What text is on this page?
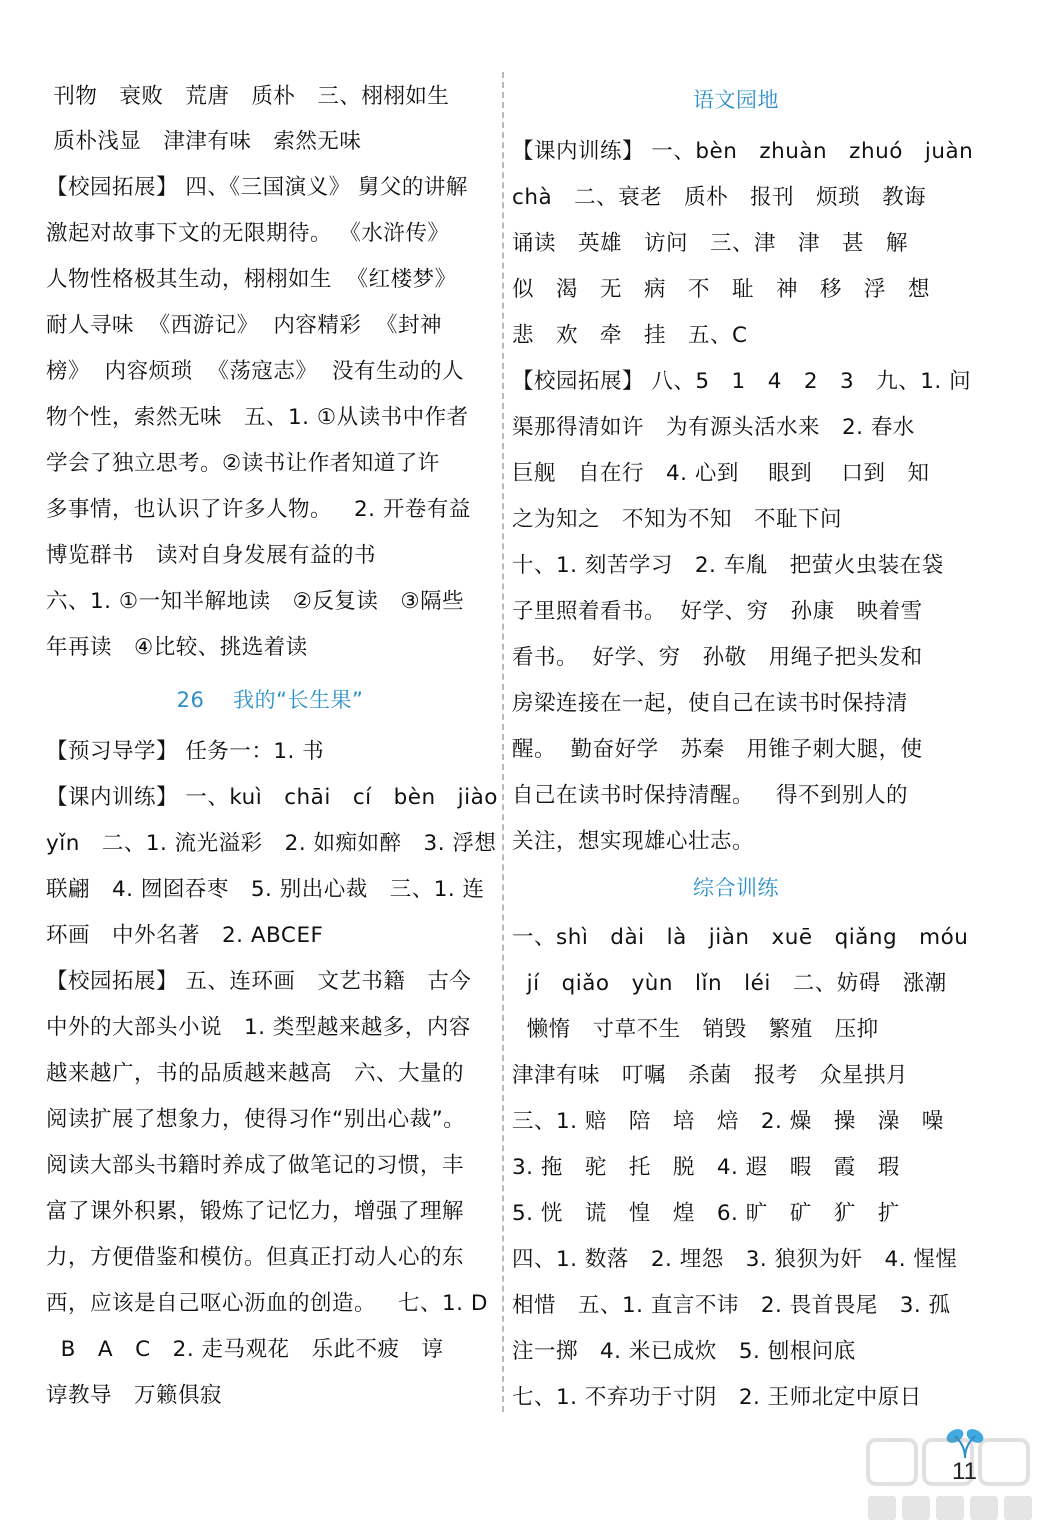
刊物   衰败   荒唐   质朴   三、栩栩如生
质朴浅显   津津有味   索然无味
【校园拓展】 四、《三国演义》 舅父的讲解
激起对故事下文的无限期待。 《水浒传》
人物性格极其生动，栩栩如生  《红楼梦》
耐人寻味  《西游记》  内容精彩  《封神
榜》  内容烦琐  《荡寇志》  没有生动的人
物个性，索然无味   五、1. ①从读书中作者
学会了独立思考。②读书让作者知道了许
多事情，也认识了许多人物。   2. 开卷有益
博览群书   读对自身发展有益的书
六、1. ①一知半解地读   ②反复读   ③隔些
年再读   ④比较、挑选着读
26    我的“长生果”
【预习导学】 任务一：1. 书
【课内训练】 一、kuì   chāi   cí   bèn   jiào
yǐn   二、1. 流光溢彩   2. 如痴如醉   3. 浮想
联翩   4. 囫囵吞枣   5. 别出心裁   三、1. 连
环画   中外名著   2. ABCEF
【校园拓展】 五、连环画   文艺书籍   古今
中外的大部头小说   1. 类型越来越多，内容
越来越广，书的品质越来越高   六、大量的
阅读扩展了想象力，使得习作“别出心裁”。
阅读大部头书籍时养成了做笔记的习惯，丰
富了课外积累，锻炼了记忆力，增强了理解
力，方便借鉴和模仿。但真正打动人心的东
西，应该是自己呕心沥血的创造。   七、1. D
B   A   C   2. 走马观花   乐此不疲   谆
谆教导   万籁俱寂
语文园地
【课内训练】 一、bèn   zhuàn   zhuó   juàn
chà   二、衰老   质朴   报刊   烦琐   教诲
诵读   英雄   访问   三、津   津   甚   解
似   渴   无   病   不   耻   神   移   浮   想
悲   欢   牵   挂   五、C
【校园拓展】 八、5   1   4   2   3   九、1. 问
渠那得清如许   为有源头活水来   2. 春水
巨舰   自在行   4. 心到    眼到    口到   知
之为知之   不知为不知   不耻下问
十、1. 刻苦学习   2. 车胤   把萤火虫装在袋
子里照着看书。  好学、穷   孙康   映着雪
看书。  好学、穷   孙敬   用绳子把头发和
房梁连接在一起，使自己在读书时保持清
醒。  勤奋好学   苏秦   用锥子刺大腿，使
自己在读书时保持清醒。   得不到别人的
关注，想实现雄心壮志。
综合训练
一、shì   dài   là   jiàn   xuē   qiǎng   móu
jí   qiǎo   yùn   lǐn   léi   二、妨碍   涨潮
懒惰   寸草不生   销毁   繁殖   压抑
津津有味   叮嘱   杀菌   报考   众星拱月
三、1. 赔   陪   培   焙   2. 燥   操   澡   噪
3. 拖   驼   托   脱   4. 遐   暇   霞   瑕
5. 恍   谎   惶   煌   6. 旷   矿   犷   扩
四、1. 数落   2. 埋怨   3. 狼狈为奸   4. 惺惺
相惜   五、1. 直言不讳   2. 畏首畏尾   3. 孤
注一掷   4. 米已成炊   5. 刨根问底
七、1. 不弃功于寸阴   2. 王师北定中原日
11
